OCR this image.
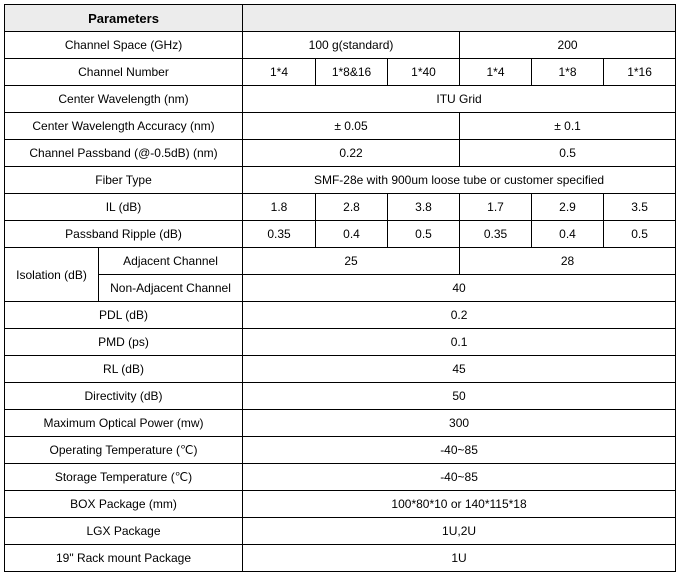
Parameters							
Channel Space (GHz)		100 g(standard)			200		
Channel Number		1*4	1*8&16	1*40	1*4	1*8	1*16
Center Wavelength (nm)		ITU Grid					
Center Wavelength Accuracy (nm)		± 0.05			± 0.1		
Channel Passband (@-0.5dB) (nm)		0.22			0.5		
Fiber Type		SMF-28e with 900um loose tube or customer specified					
IL (dB)		1.8	2.8	3.8	1.7	2.9	3.5
Passband Ripple (dB)		0.35	0.4	0.5	0.35	0.4	0.5
Isolation (dB)	Adjacent Channel	25			28		
	Non-Adjacent Channel	40					
PDL (dB)		0.2					
PMD (ps)		0.1					
RL (dB)		45					
Directivity (dB)		50					
Maximum Optical Power (mw)		300					
Operating Temperature (℃)		-40~85					
Storage Temperature (℃)		-40~85					
BOX Package (mm)		100*80*10 or 140*115*18					
LGX Package		1U,2U					
19" Rack mount Package		1U					
